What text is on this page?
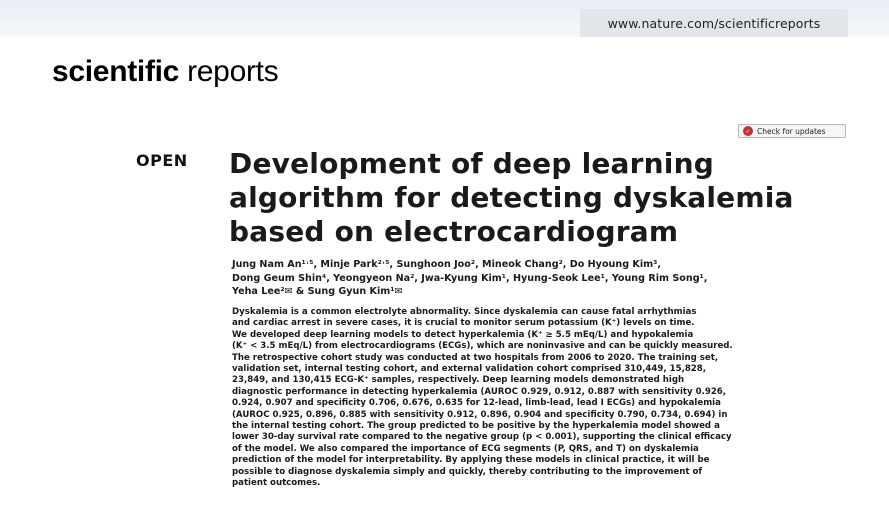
www.nature.com/scientificreports
scientific reports
✓ Check for updates
OPEN Development of deep learning algorithm for detecting dyskalemia based on electrocardiogram
Jung Nam An¹˒⁵, Minje Park²˒⁵, Sunghoon Joo², Mineok Chang², Do Hyoung Kim³,
Dong Geum Shin⁴, Yeongyeon Na², Jwa-Kyung Kim¹, Hyung-Seok Lee¹, Young Rim Song¹,
Yeha Lee²✉ & Sung Gyun Kim¹✉
Dyskalemia is a common electrolyte abnormality. Since dyskalemia can cause fatal arrhythmias
and cardiac arrest in severe cases, it is crucial to monitor serum potassium (K⁺) levels on time.
We developed deep learning models to detect hyperkalemia (K⁺ ≥ 5.5 mEq/L) and hypokalemia
(K⁺ < 3.5 mEq/L) from electrocardiograms (ECGs), which are noninvasive and can be quickly measured.
The retrospective cohort study was conducted at two hospitals from 2006 to 2020. The training set,
validation set, internal testing cohort, and external validation cohort comprised 310,449, 15,828,
23,849, and 130,415 ECG-K⁺ samples, respectively. Deep learning models demonstrated high
diagnostic performance in detecting hyperkalemia (AUROC 0.929, 0.912, 0.887 with sensitivity 0.926,
0.924, 0.907 and specificity 0.706, 0.676, 0.635 for 12-lead, limb-lead, lead I ECGs) and hypokalemia
(AUROC 0.925, 0.896, 0.885 with sensitivity 0.912, 0.896, 0.904 and specificity 0.790, 0.734, 0.694) in
the internal testing cohort. The group predicted to be positive by the hyperkalemia model showed a
lower 30-day survival rate compared to the negative group (p < 0.001), supporting the clinical efficacy
of the model. We also compared the importance of ECG segments (P, QRS, and T) on dyskalemia
prediction of the model for interpretability. By applying these models in clinical practice, it will be
possible to diagnose dyskalemia simply and quickly, thereby contributing to the improvement of
patient outcomes.
